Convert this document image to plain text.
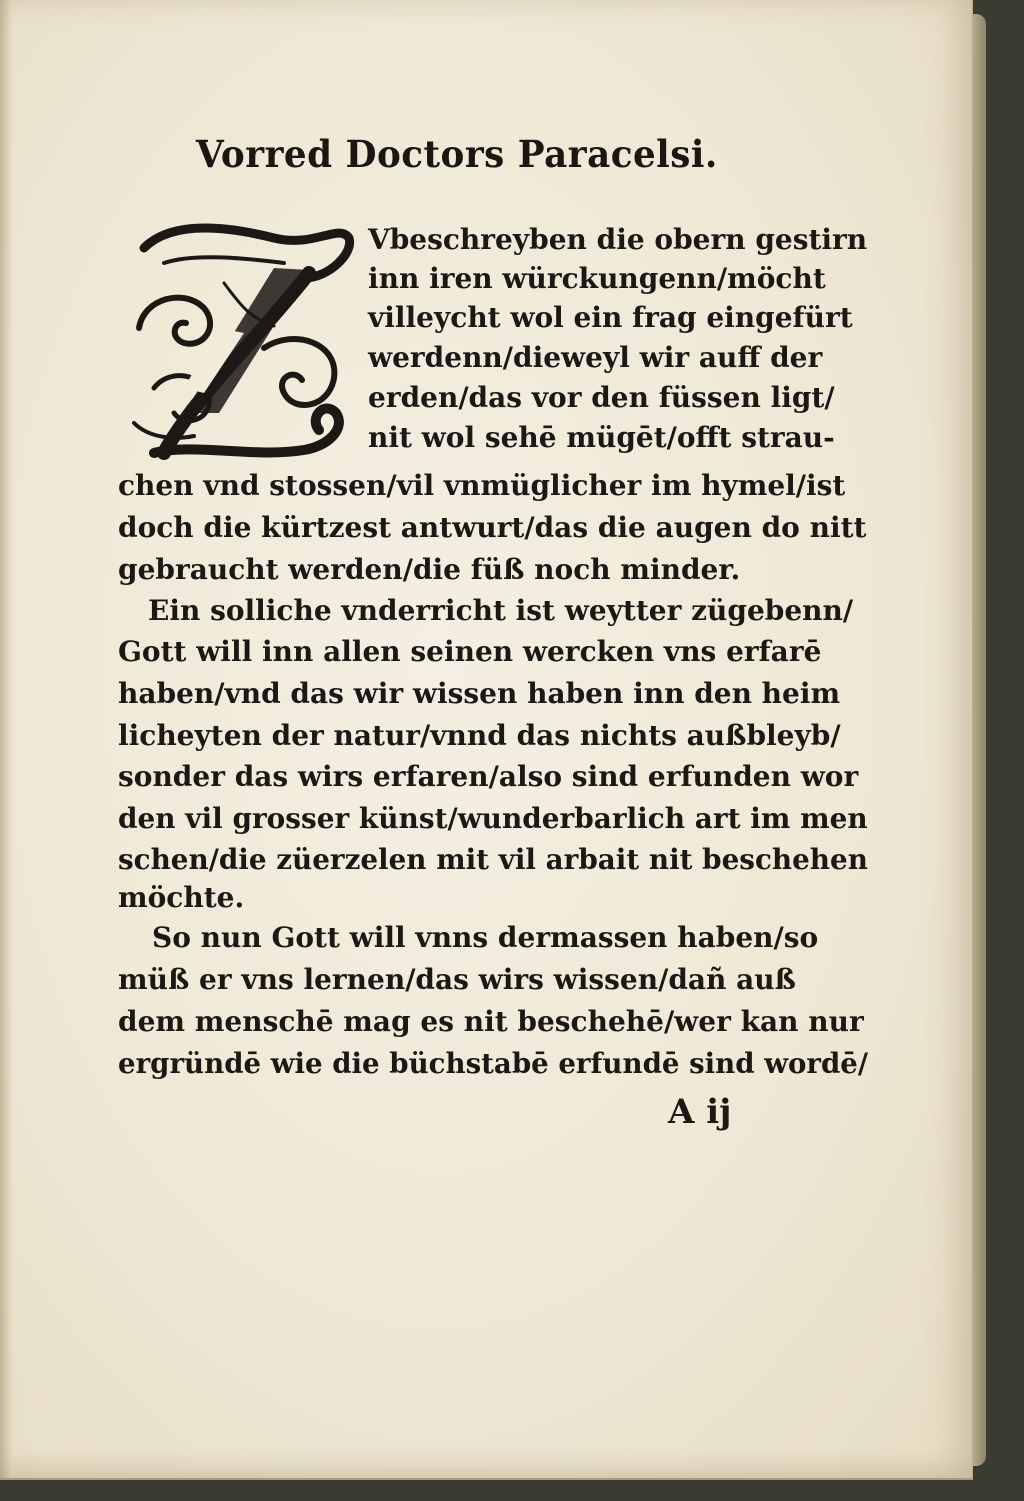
Vorred Doctors Paracelsi.
Vbeschreyben die obern gestirn
inn iren würckungenn/möcht
villeycht wol ein frag eingefürt
werdenn/dieweyl wir auff der
erden/das vor den füssen ligt/
nit wol sehē mügēt/offt strau-
chen vnd stossen/vil vnmüglicher im hymel/ist
doch die kürtzest antwurt/das die augen do nitt
gebraucht werden/die füß noch minder.
Ein solliche vnderricht ist weytter zügebenn/
Gott will inn allen seinen wercken vns erfarē
haben/vnd das wir wissen haben inn den heim
licheyten der natur/vnnd das nichts außbleyb/
sonder das wirs erfaren/also sind erfunden wor
den vil grosser künst/wunderbarlich art im men
schen/die züerzelen mit vil arbait nit beschehen
möchte.
So nun Gott will vnns dermassen haben/so
müß er vns lernen/das wirs wissen/dañ auß
dem menschē mag es nit beschehē/wer kan nur
ergründē wie die büchstabē erfundē sind wordē/
A ij
